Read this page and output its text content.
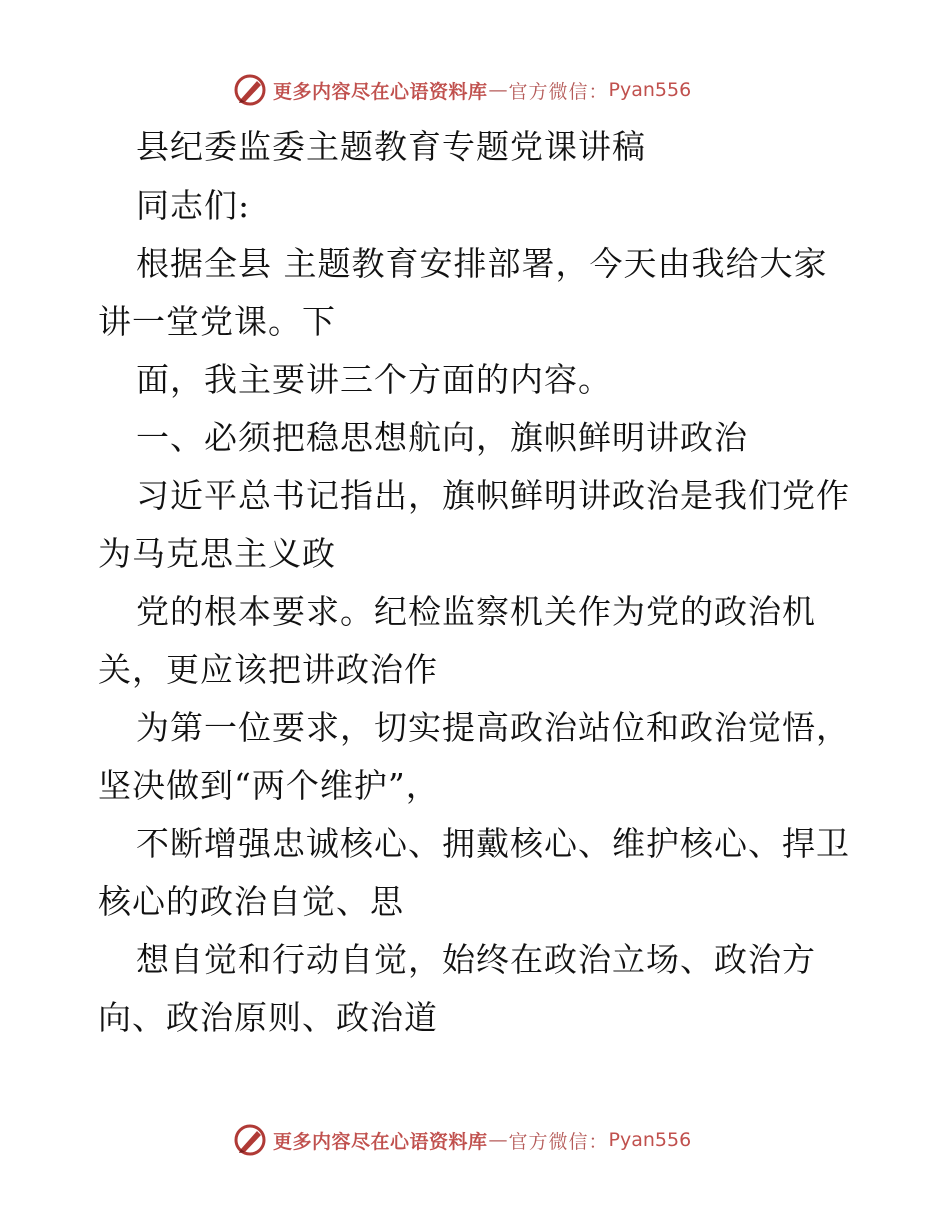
更多内容尽在心语资料库 — 官方微信： Pyan556
县纪委监委主题教育专题党课讲稿
同志们:
根据全县 主题教育安排部署，今天由我给大家
讲一堂党课。下
面，我主要讲三个方面的内容。
一、必须把稳思想航向，旗帜鲜明讲政治
习近平总书记指出，旗帜鲜明讲政治是我们党作
为马克思主义政
党的根本要求。纪检监察机关作为党的政治机
关，更应该把讲政治作
为第一位要求，切实提高政治站位和政治觉悟，
坚决做到“两个维护”，
不断增强忠诚核心、拥戴核心、维护核心、捍卫
核心的政治自觉、思
想自觉和行动自觉，始终在政治立场、政治方
向、政治原则、政治道
更多内容尽在心语资料库 — 官方微信： Pyan556
